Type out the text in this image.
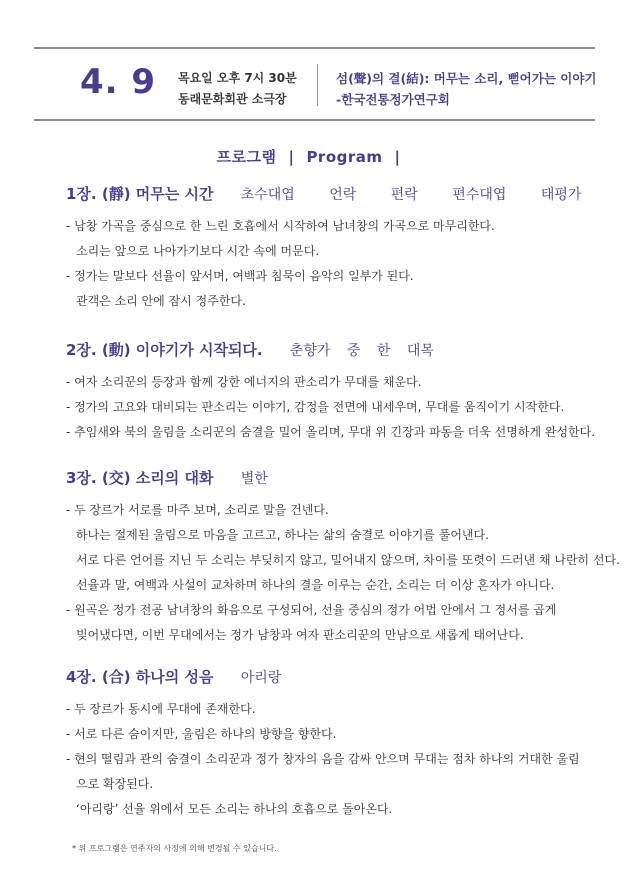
4. 9 목요일 오후 7시 30분
동래문화회관 소극장
섬(聲)의 결(結): 머무는 소리, 뻗어가는 이야기
-한국전통정가연구회
프로그램 | Program |
1장. (靜) 머무는 시간 초수대엽 언락 편락 편수대엽 태평가
- 남창 가곡을 중심으로 한 느린 호흡에서 시작하여 남녀창의 가곡으로 마무리한다.
소리는 앞으로 나아가기보다 시간 속에 머문다.
- 정가는 말보다 선율이 앞서며, 여백과 침묵이 음악의 일부가 된다.
관객은 소리 안에 잠시 정주한다.
2장. (動) 이야기가 시작되다. 춘향가 중 한 대목
- 여자 소리꾼의 등장과 함께 강한 에너지의 판소리가 무대를 채운다.
- 정가의 고요와 대비되는 판소리는 이야기, 감정을 전면에 내세우며, 무대를 움직이기 시작한다.
- 추임새와 북의 울림을 소리꾼의 숨결을 밀어 올리며, 무대 위 긴장과 파동을 더욱 선명하게 완성한다.
3장. (交) 소리의 대화 별한
- 두 장르가 서로를 마주 보며, 소리로 말을 건넨다.
하나는 절제된 울림으로 마음을 고르고, 하나는 삶의 숨결로 이야기를 풀어낸다.
서로 다른 언어를 지닌 두 소리는 부딪히지 않고, 밀어내지 않으며, 차이를 또렷이 드러낸 채 나란히 선다.
선율과 말, 여백과 사설이 교차하며 하나의 결을 이루는 순간, 소리는 더 이상 혼자가 아니다.
- 원곡은 정가 전공 남녀창의 화음으로 구성되어, 선율 중심의 정가 어법 안에서 그 정서를 곱게
빚어냈다면, 이번 무대에서는 정가 남창과 여자 판소리꾼의 만남으로 새롭게 태어난다.
4장. (合) 하나의 성음 아리랑
- 두 장르가 동시에 무대에 존재한다.
- 서로 다른 숨이지만, 울림은 하나의 방향을 향한다.
- 현의 떨림과 관의 숨결이 소리꾼과 정가 창자의 음을 감싸 안으며 무대는 점차 하나의 거대한 울림
으로 확장된다.
‘아리랑’ 선율 위에서 모든 소리는 하나의 호흡으로 돌아온다.
* 위 프로그램은 연주자의 사정에 의해 변경될 수 있습니다.
